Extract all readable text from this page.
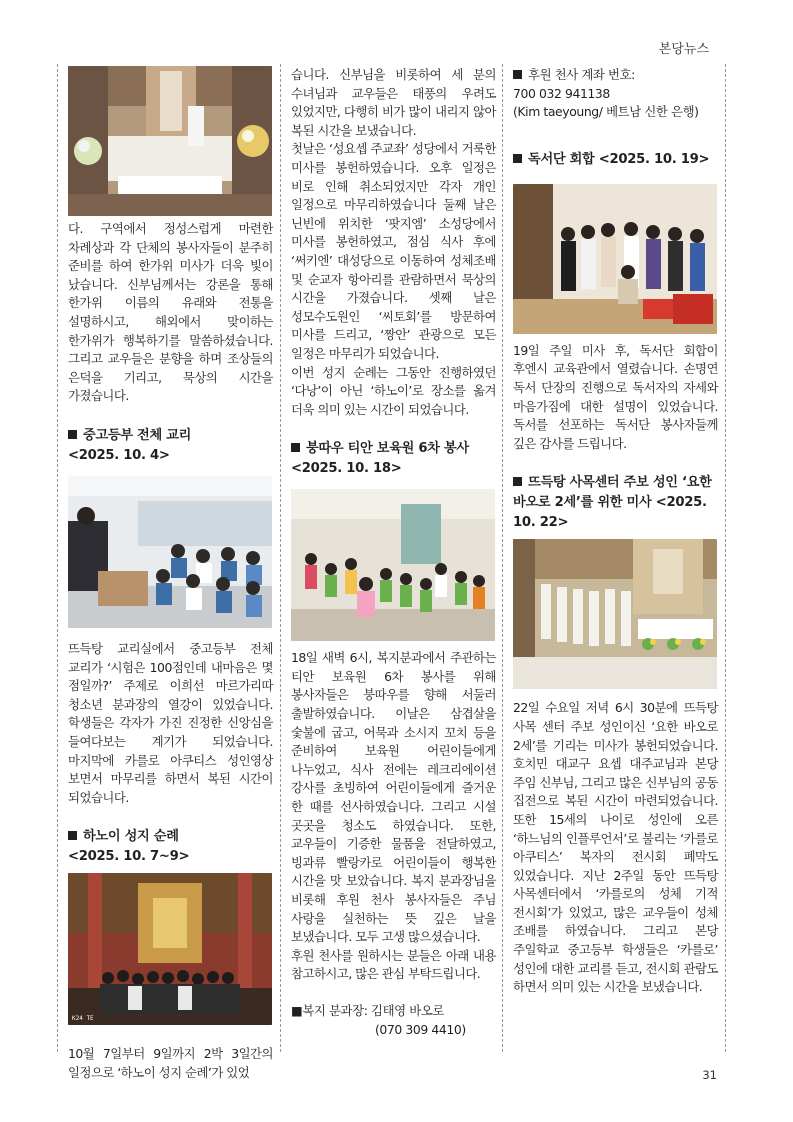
본당뉴스

다. 구역에서 정성스럽게 마련한 차례상과 각 단체의 봉사자들이 분주히 준비를 하여 한가위 미사가 더욱 빛이 났습니다. 신부님께서는 강론을 통해 한가위 이름의 유래와 전통을 설명하시고, 해외에서 맞이하는 한가위가 행복하기를 말씀하셨습니다. 그리고 교우들은 분향을 하며 조상들의 은덕을 기리고, 묵상의 시간을 가졌습니다.

중고등부 전체 교리

<2025. 10. 4>

뜨득탕 교리실에서 중고등부 전체 교리가 ‘시험은 100점인데 내마음은 몇 점일까?’ 주제로 이희선 마르가리따 청소년 분과장의 열강이 있었습니다. 학생들은 각자가 가진 진정한 신앙심을 들여다보는 계기가 되었습니다. 마지막에 카를로 아쿠티스 성인영상 보면서 마무리를 하면서 복된 시간이 되었습니다.

하노이 성지 순례

<2025. 10. 7~9>

K24 TE

10월 7일부터 9일까지 2박 3일간의 일정으로 ‘하노이 성지 순례’가 있었

습니다. 신부님을 비롯하여 세 분의 수녀님과 교우들은 태풍의 우려도 있었지만, 다행히 비가 많이 내리지 않아 복된 시간을 보냈습니다.

첫날은 ‘성요셉 주교좌’ 성당에서 거룩한 미사를 봉헌하였습니다. 오후 일정은 비로 인해 취소되었지만 각자 개인 일정으로 마무리하였습니다 둘째 날은 닌빈에 위치한 ‘팟지엠’ 소성당에서 미사를 봉헌하였고, 점심 식사 후에 ‘써키엔’ 대성당으로 이동하여 성체조배 및 순교자 항아리를 관람하면서 묵상의 시간을 가졌습니다. 셋째 날은 성모수도원인 ‘씨토회’를 방문하여 미사를 드리고, ‘짱안’ 관광으로 모든 일정은 마무리가 되었습니다.

이번 성지 순례는 그동안 진행하였던 ‘다낭’이 아닌 ‘하노이’로 장소를 옮겨 더욱 의미 있는 시간이 되었습니다.

붕따우 티안 보육원 6차 봉사

<2025. 10. 18>

18일 새벽 6시, 복지분과에서 주관하는 티안 보육원 6차 봉사를 위해 봉사자들은 붕따우를 향해 서둘러 출발하였습니다. 이날은 삼겹살을 숯불에 굽고, 어묵과 소시지 꼬치 등을 준비하여 보육원 어린이들에게 나누었고, 식사 전에는 레크리에이션 강사를 초빙하여 어린이들에게 즐거운 한 때를 선사하였습니다. 그리고 시설 곳곳을 청소도 하였습니다. 또한, 교우들이 기증한 물품을 전달하였고, 빙과류 빨랑카로 어린이들이 행복한 시간을 맛 보았습니다. 복지 분과장님을 비롯해 후원 천사 봉사자들은 주님 사랑을 실천하는 뜻 깊은 날을 보냈습니다. 모두 고생 많으셨습니다.

후원 천사를 원하시는 분들은 아래 내용 참고하시고, 많은 관심 부탁드립니다.

■복지 분과장: 김태영 바오로
(070 309 4410)
후원 천사 계좌 번호:
700 032 941138
(Kim taeyoung/ 베트남 신한 은행)

독서단 회합 <2025. 10. 19>

19일 주일 미사 후, 독서단 회합이 후엔시 교육관에서 열렸습니다. 손명연 독서 단장의 진행으로 독서자의 자세와 마음가짐에 대한 설명이 있었습니다. 독서를 선포하는 독서단 봉사자들께 깊은 감사를 드립니다.

뜨득탕 사목센터 주보 성인 ‘요한 바오로 2세’를 위한 미사 <2025. 10. 22>

22일 수요일 저녁 6시 30분에 뜨득탕 사목 센터 주보 성인이신 ‘요한 바오로 2세’를 기리는 미사가 봉헌되었습니다. 호치민 대교구 요셉 대주교님과 본당 주임 신부님, 그리고 많은 신부님의 공동 집전으로 복된 시간이 마련되었습니다. 또한 15세의 나이로 성인에 오른 ‘하느님의 인플루언서’로 불리는 ‘카를로 아쿠티스’ 복자의 전시회 폐막도 있었습니다. 지난 2주일 동안 뜨득탕 사목센터에서 ‘카를로의 성체 기적 전시회’가 있었고, 많은 교우들이 성체 조배를 하였습니다. 그리고 본당 주일학교 중고등부 학생들은 ‘카를로’ 성인에 대한 교리를 듣고, 전시회 관람도 하면서 의미 있는 시간을 보냈습니다.

31
